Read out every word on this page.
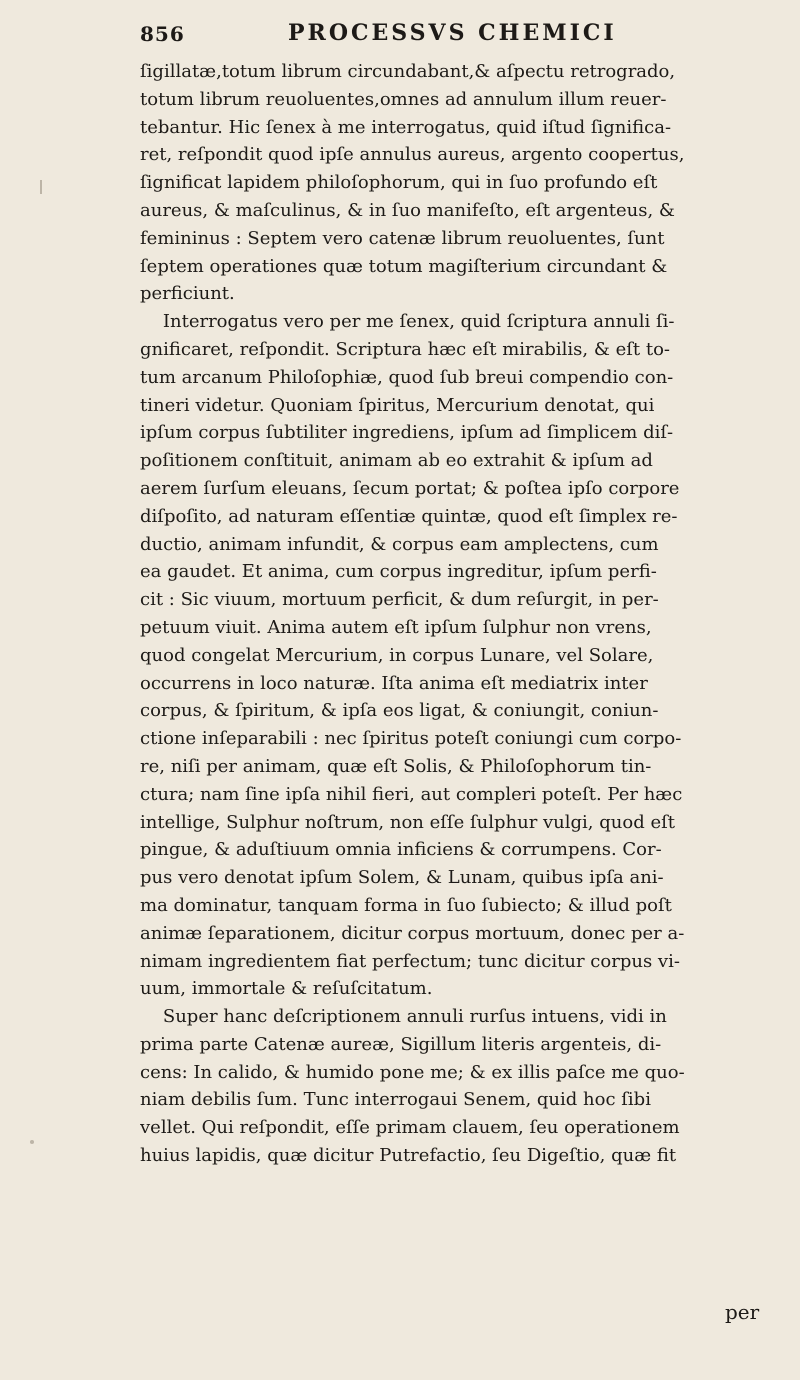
856	PROCESSVS CHEMICI
ſigillatæ,totum librum circundabant,& aſpectu retrogrado,
totum librum reuoluentes,omnes ad annulum illum reuer-
tebantur. Hic ſenex à me interrogatus, quid iſtud ſignifica-
ret, reſpondit quod ipſe annulus aureus, argento coopertus,
ſignificat lapidem philoſophorum, qui in ſuo profundo eſt
aureus, & maſculinus, & in ſuo manifeſto, eſt argenteus, &
femininus : Septem vero catenæ librum reuoluentes, ſunt
ſeptem operationes quæ totum magiſterium circundant &
perficiunt.
Interrogatus vero per me ſenex, quid ſcriptura annuli ſi-
gnificaret, reſpondit. Scriptura hæc eſt mirabilis, & eſt to-
tum arcanum Philoſophiæ, quod ſub breui compendio con-
tineri videtur. Quoniam ſpiritus, Mercurium denotat, qui
ipſum corpus ſubtiliter ingrediens, ipſum ad ſimplicem diſ-
poſitionem conſtituit, animam ab eo extrahit & ipſum ad
aerem ſurſum eleuans, ſecum portat; & poſtea ipſo corpore
diſpoſito, ad naturam eſſentiæ quintæ, quod eſt ſimplex re-
ductio, animam infundit, & corpus eam amplectens, cum
ea gaudet. Et anima, cum corpus ingreditur, ipſum perfi-
cit : Sic viuum, mortuum perficit, & dum reſurgit, in per-
petuum viuit. Anima autem eſt ipſum ſulphur non vrens,
quod congelat Mercurium, in corpus Lunare, vel Solare,
occurrens in loco naturæ. Iſta anima eſt mediatrix inter
corpus, & ſpiritum, & ipſa eos ligat, & coniungit, coniun-
ctione inſeparabili : nec ſpiritus poteſt coniungi cum corpo-
re, niſi per animam, quæ eſt Solis, & Philoſophorum tin-
ctura; nam ſine ipſa nihil fieri, aut compleri poteſt. Per hæc
intellige, Sulphur noſtrum, non eſſe ſulphur vulgi, quod eſt
pingue, & aduſtiuum omnia inficiens & corrumpens. Cor-
pus vero denotat ipſum Solem, & Lunam, quibus ipſa ani-
ma dominatur, tanquam forma in ſuo ſubiecto; & illud poſt
animæ ſeparationem, dicitur corpus mortuum, donec per a-
nimam ingredientem fiat perfectum; tunc dicitur corpus vi-
uum, immortale & reſuſcitatum.
Super hanc deſcriptionem annuli rurſus intuens, vidi in
prima parte Catenæ aureæ, Sigillum literis argenteis, di-
cens: In calido, & humido pone me; & ex illis paſce me quo-
niam debilis ſum. Tunc interrogaui Senem, quid hoc ſibi
vellet. Qui reſpondit, eſſe primam clauem, ſeu operationem
huius lapidis, quæ dicitur Putrefactio, ſeu Digeſtio, quæ fit
per
